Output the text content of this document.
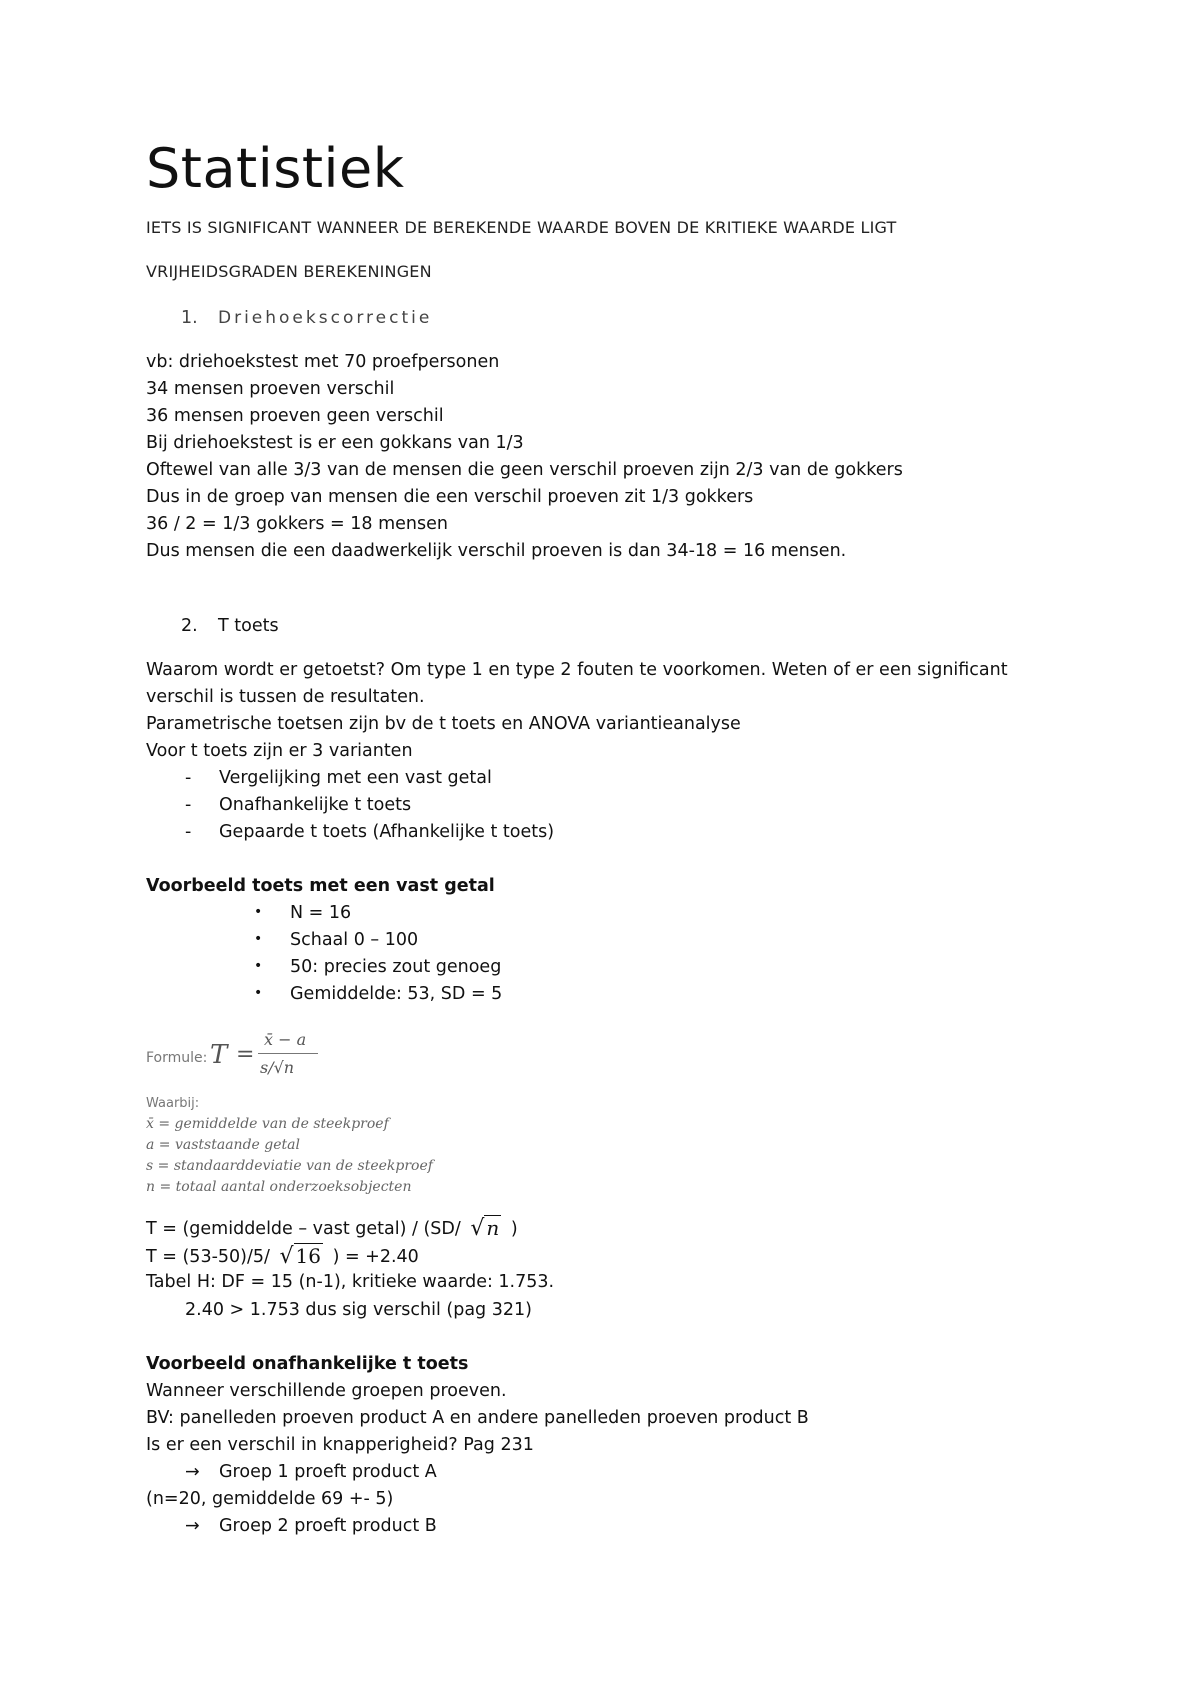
Statistiek
IETS IS SIGNIFICANT WANNEER DE BEREKENDE WAARDE BOVEN DE KRITIEKE WAARDE LIGT
VRIJHEIDSGRADEN BEREKENINGEN
1. Driehoekscorrectie
vb: driehoekstest met 70 proefpersonen
34 mensen proeven verschil
36 mensen proeven geen verschil
Bij driehoekstest is er een gokkans van 1/3
Oftewel van alle 3/3 van de mensen die geen verschil proeven zijn 2/3 van de gokkers
Dus in de groep van mensen die een verschil proeven zit 1/3 gokkers
36 / 2 = 1/3 gokkers = 18 mensen
Dus mensen die een daadwerkelijk verschil proeven is dan 34-18 = 16 mensen.
2. T toets
Waarom wordt er getoetst? Om type 1 en type 2 fouten te voorkomen. Weten of er een significant
verschil is tussen de resultaten.
Parametrische toetsen zijn bv de t toets en ANOVA variantieanalyse
Voor t toets zijn er 3 varianten
- Vergelijking met een vast getal
- Onafhankelijke t toets
- Gepaarde t toets (Afhankelijke t toets)
Voorbeeld toets met een vast getal
• N = 16
• Schaal 0 – 100
• 50: precies zout genoeg
• Gemiddelde: 53, SD = 5
Formule: T =
x̄ − a
s/√n
Waarbij:
x̄ = gemiddelde van de steekproef
a = vaststaande getal
s = standaarddeviatie van de steekproef
n = totaal aantal onderzoeksobjecten
T = (gemiddelde – vast getal) / (SD/ √ n )
T = (53-50)/5/ √ 16 ) = +2.40
Tabel H: DF = 15 (n-1), kritieke waarde: 1.753.
2.40 > 1.753 dus sig verschil (pag 321)
Voorbeeld onafhankelijke t toets
Wanneer verschillende groepen proeven.
BV: panelleden proeven product A en andere panelleden proeven product B
Is er een verschil in knapperigheid? Pag 231
→ Groep 1 proeft product A
(n=20, gemiddelde 69 +- 5)
→ Groep 2 proeft product B
